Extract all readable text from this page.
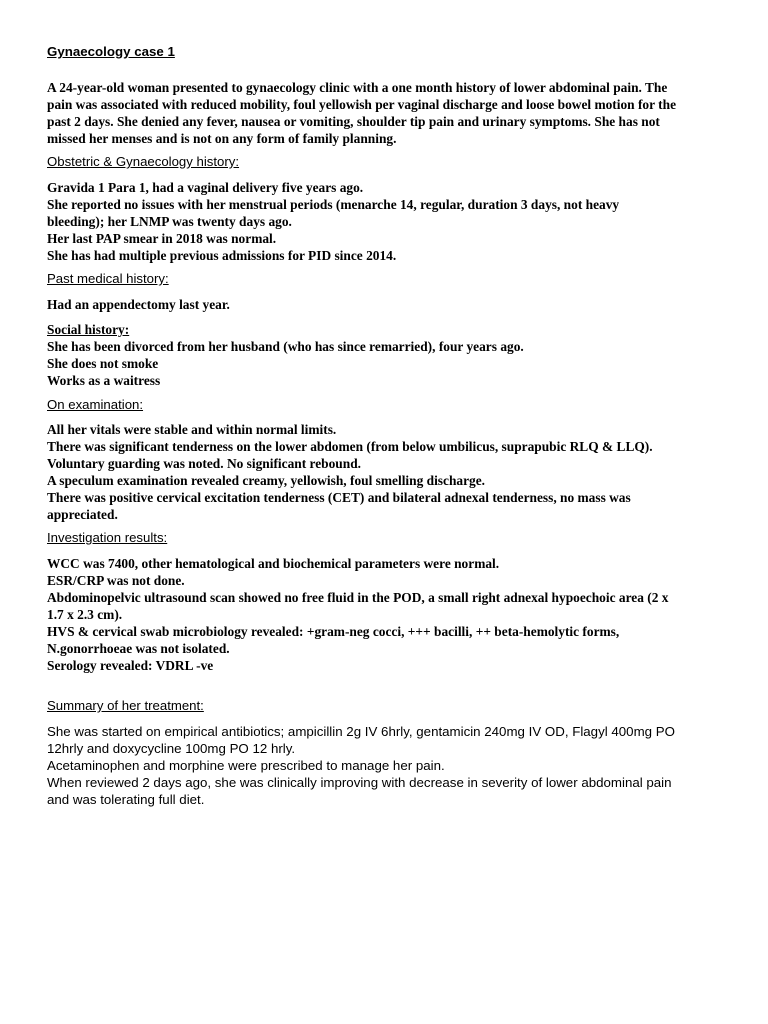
Gynaecology case 1
A 24-year-old woman presented to gynaecology clinic with a one month history of lower abdominal pain. The
pain was associated with reduced mobility, foul yellowish per vaginal discharge and loose bowel motion for the
past 2 days. She denied any fever, nausea or vomiting, shoulder tip pain and urinary symptoms. She has not
missed her menses and is not on any form of family planning.
Obstetric & Gynaecology history:
Gravida 1 Para 1, had a vaginal delivery five years ago.
She reported no issues with her menstrual periods (menarche 14, regular, duration 3 days, not heavy
bleeding); her LNMP was twenty days ago.
Her last PAP smear in 2018 was normal.
She has had multiple previous admissions for PID since 2014.
Past medical history:
Had an appendectomy last year.
Social history:
She has been divorced from her husband (who has since remarried), four years ago.
She does not smoke
Works as a waitress
On examination:
All her vitals were stable and within normal limits.
There was significant tenderness on the lower abdomen (from below umbilicus, suprapubic RLQ & LLQ).
Voluntary guarding was noted. No significant rebound.
A speculum examination revealed creamy, yellowish, foul smelling discharge.
There was positive cervical excitation tenderness (CET) and bilateral adnexal tenderness, no mass was
appreciated.
Investigation results:
WCC was 7400, other hematological and biochemical parameters were normal.
ESR/CRP was not done.
Abdominopelvic ultrasound scan showed no free fluid in the POD, a small right adnexal hypoechoic area (2 x
1.7 x 2.3 cm).
HVS & cervical swab microbiology revealed: +gram-neg cocci, +++ bacilli, ++ beta-hemolytic forms,
N.gonorrhoeae was not isolated.
Serology revealed: VDRL -ve
Summary of her treatment:
She was started on empirical antibiotics; ampicillin 2g IV 6hrly, gentamicin 240mg IV OD, Flagyl 400mg PO
12hrly and doxycycline 100mg PO 12 hrly.
Acetaminophen and morphine were prescribed to manage her pain.
When reviewed 2 days ago, she was clinically improving with decrease in severity of lower abdominal pain
and was tolerating full diet.
